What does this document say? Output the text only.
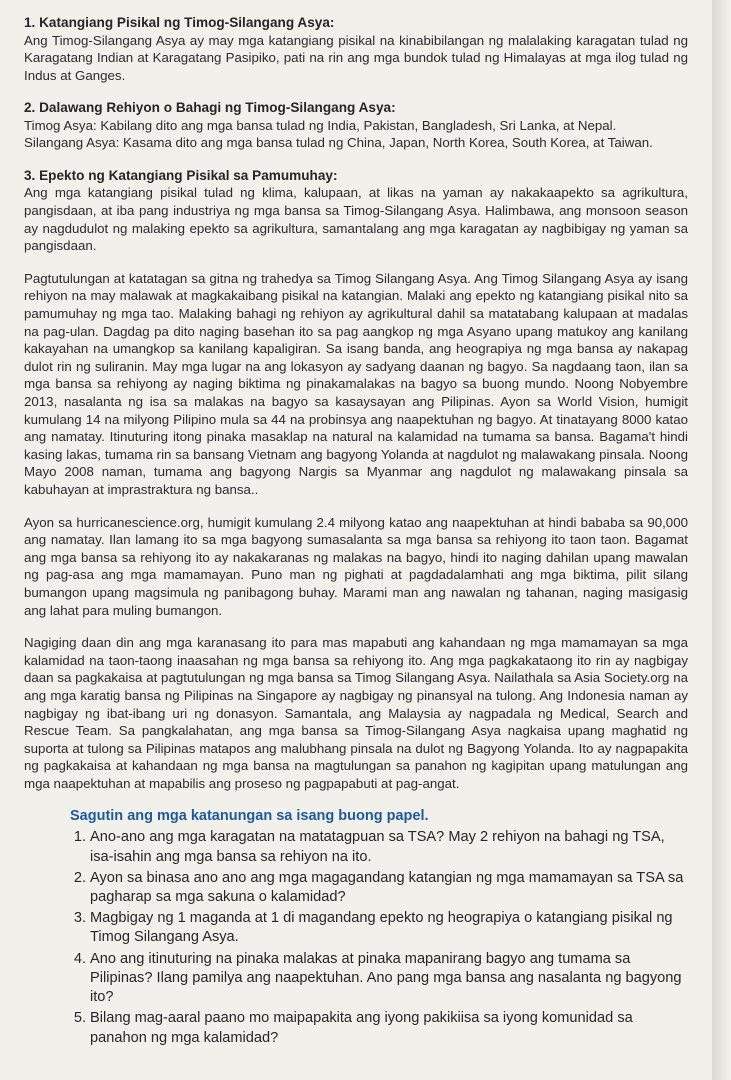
1. Katangiang Pisikal ng Timog-Silangang Asya:

Ang Timog-Silangang Asya ay may mga katangiang pisikal na kinabibilangan ng malalaking karagatan tulad ng Karagatang Indian at Karagatang Pasipiko, pati na rin ang mga bundok tulad ng Himalayas at mga ilog tulad ng Indus at Ganges.

2. Dalawang Rehiyon o Bahagi ng Timog-Silangang Asya:

Timog Asya: Kabilang dito ang mga bansa tulad ng India, Pakistan, Bangladesh, Sri Lanka, at Nepal.

Silangang Asya: Kasama dito ang mga bansa tulad ng China, Japan, North Korea, South Korea, at Taiwan.

3. Epekto ng Katangiang Pisikal sa Pamumuhay:

Ang mga katangiang pisikal tulad ng klima, kalupaan, at likas na yaman ay nakakaapekto sa agrikultura, pangisdaan, at iba pang industriya ng mga bansa sa Timog-Silangang Asya. Halimbawa, ang monsoon season ay nagdudulot ng malaking epekto sa agrikultura, samantalang ang mga karagatan ay nagbibigay ng yaman sa pangisdaan.

Pagtutulungan at katatagan sa gitna ng trahedya sa Timog Silangang Asya. Ang Timog Silangang Asya ay isang rehiyon na may malawak at magkakaibang pisikal na katangian. Malaki ang epekto ng katangiang pisikal nito sa pamumuhay ng mga tao. Malaking bahagi ng rehiyon ay agrikultural dahil sa matatabang kalupaan at madalas na pag-ulan. Dagdag pa dito naging basehan ito sa pag aangkop ng mga Asyano upang matukoy ang kanilang kakayahan na umangkop sa kanilang kapaligiran. Sa isang banda, ang heograpiya ng mga bansa ay nakapag dulot rin ng suliranin. May mga lugar na ang lokasyon ay sadyang daanan ng bagyo. Sa nagdaang taon, ilan sa mga bansa sa rehiyong ay naging biktima ng pinakamalakas na bagyo sa buong mundo. Noong Nobyembre 2013, nasalanta ng isa sa malakas na bagyo sa kasaysayan ang Pilipinas. Ayon sa World Vision, humigit kumulang 14 na milyong Pilipino mula sa 44 na probinsya ang naapektuhan ng bagyo. At tinatayang 8000 katao ang namatay. Itinuturing itong pinaka masaklap na natural na kalamidad na tumama sa bansa. Bagama't hindi kasing lakas, tumama rin sa bansang Vietnam ang bagyong Yolanda at nagdulot ng malawakang pinsala. Noong Mayo 2008 naman, tumama ang bagyong Nargis sa Myanmar ang nagdulot ng malawakang pinsala sa kabuhayan at imprastraktura ng bansa..

Ayon sa hurricanescience.org, humigit kumulang 2.4 milyong katao ang naapektuhan at hindi bababa sa 90,000 ang namatay. Ilan lamang ito sa mga bagyong sumasalanta sa mga bansa sa rehiyong ito taon taon. Bagamat ang mga bansa sa rehiyong ito ay nakakaranas ng malakas na bagyo, hindi ito naging dahilan upang mawalan ng pag-asa ang mga mamamayan. Puno man ng pighati at pagdadalamhati ang mga biktima, pilit silang bumangon upang magsimula ng panibagong buhay. Marami man ang nawalan ng tahanan, naging masigasig ang lahat para muling bumangon.

Nagiging daan din ang mga karanasang ito para mas mapabuti ang kahandaan ng mga mamamayan sa mga kalamidad na taon-taong inaasahan ng mga bansa sa rehiyong ito. Ang mga pagkakataong ito rin ay nagbigay daan sa pagkakaisa at pagtutulungan ng mga bansa sa Timog Silangang Asya. Nailathala sa Asia Society.org na ang mga karatig bansa ng Pilipinas na Singapore ay nagbigay ng pinansyal na tulong. Ang Indonesia naman ay nagbigay ng ibat-ibang uri ng donasyon. Samantala, ang Malaysia ay nagpadala ng Medical, Search and Rescue Team. Sa pangkalahatan, ang mga bansa sa Timog-Silangang Asya nagkaisa upang maghatid ng suporta at tulong sa Pilipinas matapos ang malubhang pinsala na dulot ng Bagyong Yolanda. Ito ay nagpapakita ng pagkakaisa at kahandaan ng mga bansa na magtulungan sa panahon ng kagipitan upang matulungan ang mga naapektuhan at mapabilis ang proseso ng pagpapabuti at pag-angat.

Sagutin ang mga katanungan sa isang buong papel.

1. Ano-ano ang mga karagatan na matatagpuan sa TSA? May 2 rehiyon na bahagi ng TSA, isa-isahin ang mga bansa sa rehiyon na ito.
2. Ayon sa binasa ano ano ang mga magagandang katangian ng mga mamamayan sa TSA sa pagharap sa mga sakuna o kalamidad?
3. Magbigay ng 1 maganda at 1 di magandang epekto ng heograpiya o katangiang pisikal ng Timog Silangang Asya.
4. Ano ang itinuturing na pinaka malakas at pinaka mapanirang bagyo ang tumama sa Pilipinas? Ilang pamilya ang naapektuhan. Ano pang mga bansa ang nasalanta ng bagyong ito?
5. Bilang mag-aaral paano mo maipapakita ang iyong pakikiisa sa iyong komunidad sa panahon ng mga kalamidad?
